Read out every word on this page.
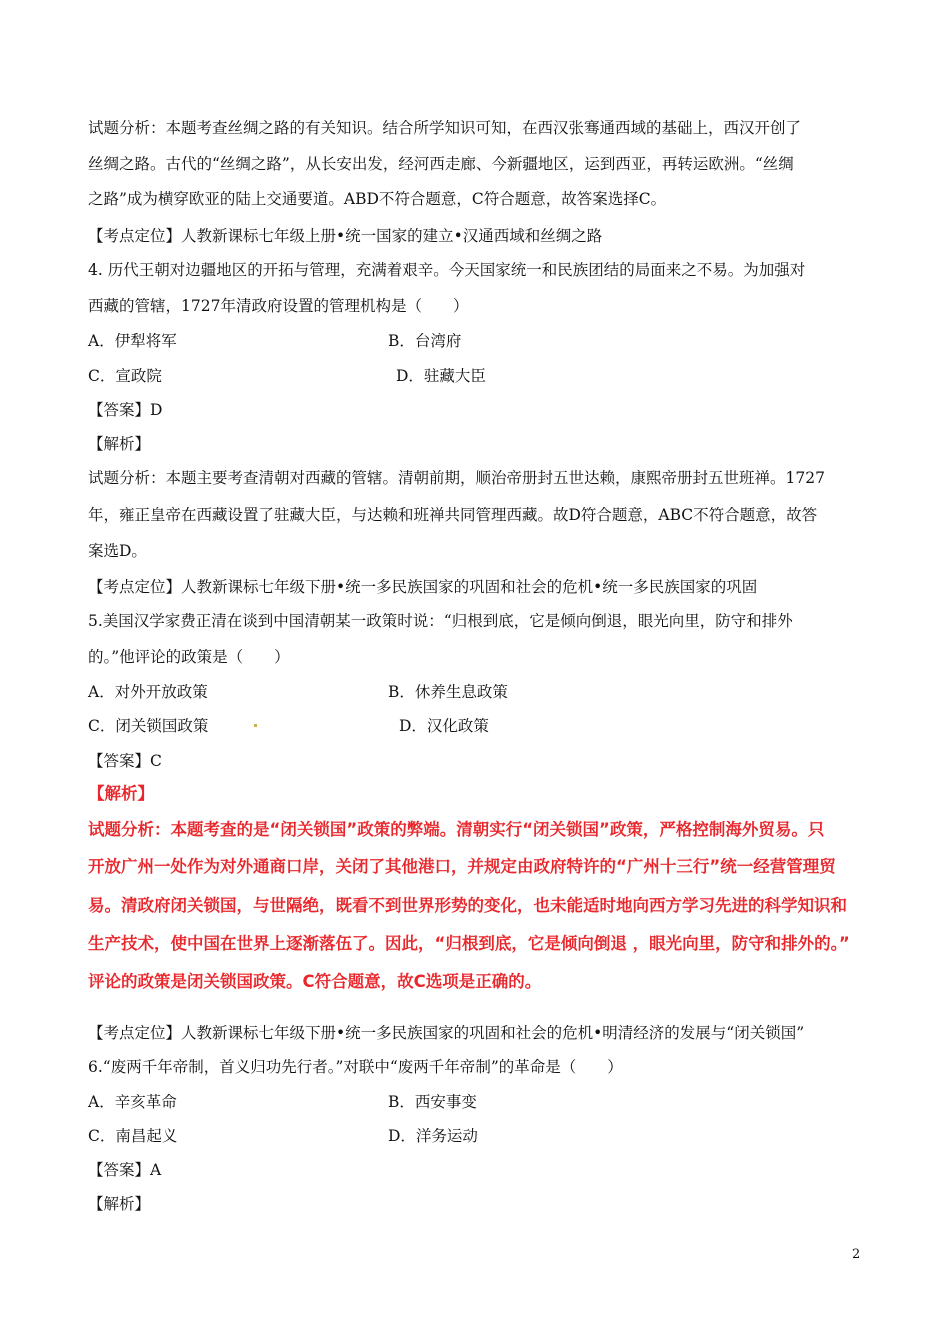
试题分析：本题考查丝绸之路的有关知识。结合所学知识可知，在西汉张骞通西域的基础上，西汉开创了
丝绸之路。古代的“丝绸之路”，从长安出发，经河西走廊、今新疆地区，运到西亚，再转运欧洲。“丝绸
之路”成为横穿欧亚的陆上交通要道。ABD不符合题意，C符合题意，故答案选择C。
【考点定位】人教新课标七年级上册•统一国家的建立•汉通西域和丝绸之路
4. 历代王朝对边疆地区的开拓与管理，充满着艰辛。今天国家统一和民族团结的局面来之不易。为加强对
西藏的管辖，1727年清政府设置的管理机构是（　　）
A．伊犁将军	B．台湾府
C．宣政院	D．驻藏大臣
【答案】D
【解析】
试题分析：本题主要考查清朝对西藏的管辖。清朝前期，顺治帝册封五世达赖，康熙帝册封五世班禅。1727
年，雍正皇帝在西藏设置了驻藏大臣，与达赖和班禅共同管理西藏。故D符合题意，ABC不符合题意，故答
案选D。
【考点定位】人教新课标七年级下册•统一多民族国家的巩固和社会的危机•统一多民族国家的巩固
5.美国汉学家费正清在谈到中国清朝某一政策时说：“归根到底，它是倾向倒退，眼光向里，防守和排外
的。”他评论的政策是（　　）
A．对外开放政策	B．休养生息政策
C．闭关锁国政策	D．汉化政策
【答案】C
【解析】
试题分析：本题考查的是“闭关锁国”政策的弊端。清朝实行“闭关锁国”政策，严格控制海外贸易。只
开放广州一处作为对外通商口岸，关闭了其他港口，并规定由政府特许的“广州十三行”统一经营管理贸
易。清政府闭关锁国，与世隔绝，既看不到世界形势的变化，也未能适时地向西方学习先进的科学知识和
生产技术，使中国在世界上逐渐落伍了。因此，“归根到底，它是倾向倒退 ，眼光向里，防守和排外的。”
评论的政策是闭关锁国政策。C符合题意，故C选项是正确的。
【考点定位】人教新课标七年级下册•统一多民族国家的巩固和社会的危机•明清经济的发展与“闭关锁国”
6.“废两千年帝制，首义归功先行者。”对联中“废两千年帝制”的革命是（　　）
A．辛亥革命	B．西安事变
C．南昌起义	D．洋务运动
【答案】A
【解析】
2
